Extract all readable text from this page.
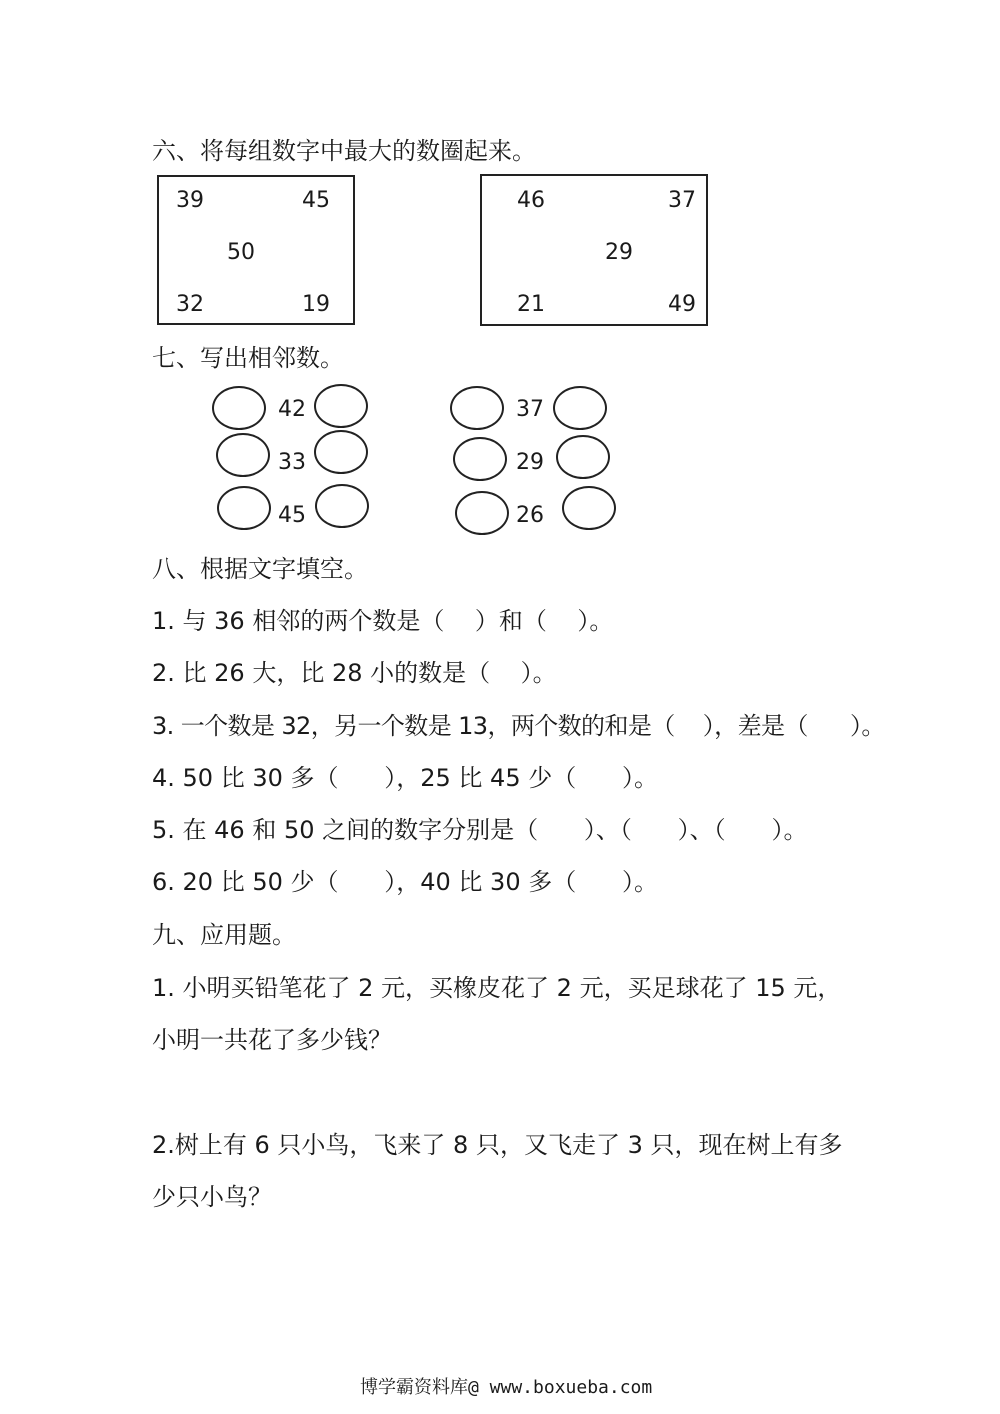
六、将每组数字中最大的数圈起来。
39	45
50
32	19
46	37
29
21	49
七、写出相邻数。
42
33
45
37
29
26
八、根据文字填空。
1. 与 36 相邻的两个数是（    ）和（    ）。
2. 比 26 大，比 28 小的数是（    ）。
3. 一个数是 32，另一个数是 13，两个数的和是（    ），差是（      ）。
4. 50 比 30 多（      ），25 比 45 少（      ）。
5. 在 46 和 50 之间的数字分别是（      ）、（      ）、（      ）。
6. 20 比 50 少（      ），40 比 30 多（      ）。
九、应用题。
1. 小明买铅笔花了 2 元，买橡皮花了 2 元，买足球花了 15 元，
小明一共花了多少钱？
2.树上有 6 只小鸟，飞来了 8 只，又飞走了 3 只，现在树上有多
少只小鸟？
博学霸资料库@ www.boxueba.com
